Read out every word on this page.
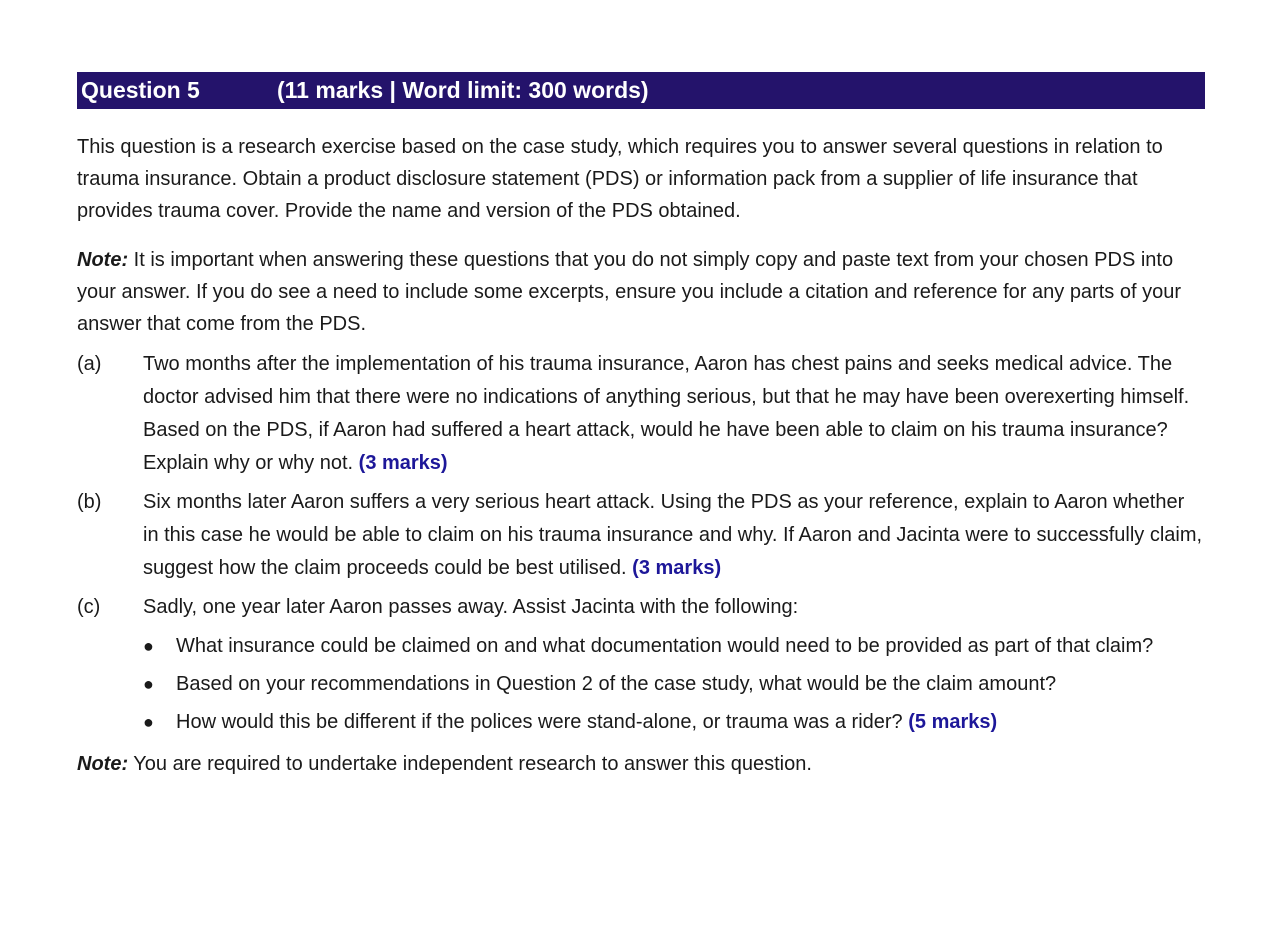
Question 5	(11 marks | Word limit: 300 words)

This question is a research exercise based on the case study, which requires you to answer several questions in relation to trauma insurance. Obtain a product disclosure statement (PDS) or information pack from a supplier of life insurance that provides trauma cover. Provide the name and version of the PDS obtained.

Note: It is important when answering these questions that you do not simply copy and paste text from your chosen PDS into your answer. If you do see a need to include some excerpts, ensure you include a citation and reference for any parts of your answer that come from the PDS.

(a)	Two months after the implementation of his trauma insurance, Aaron has chest pains and seeks medical advice. The doctor advised him that there were no indications of anything serious, but that he may have been overexerting himself. Based on the PDS, if Aaron had suffered a heart attack, would he have been able to claim on his trauma insurance? Explain why or why not. (3 marks)
(b)	Six months later Aaron suffers a very serious heart attack. Using the PDS as your reference, explain to Aaron whether in this case he would be able to claim on his trauma insurance and why. If Aaron and Jacinta were to successfully claim, suggest how the claim proceeds could be best utilised. (3 marks)
(c)	Sadly, one year later Aaron passes away. Assist Jacinta with the following:
●	What insurance could be claimed on and what documentation would need to be provided as part of that claim?
●	Based on your recommendations in Question 2 of the case study, what would be the claim amount?
●	How would this be different if the polices were stand-alone, or trauma was a rider? (5 marks)

Note: You are required to undertake independent research to answer this question.
